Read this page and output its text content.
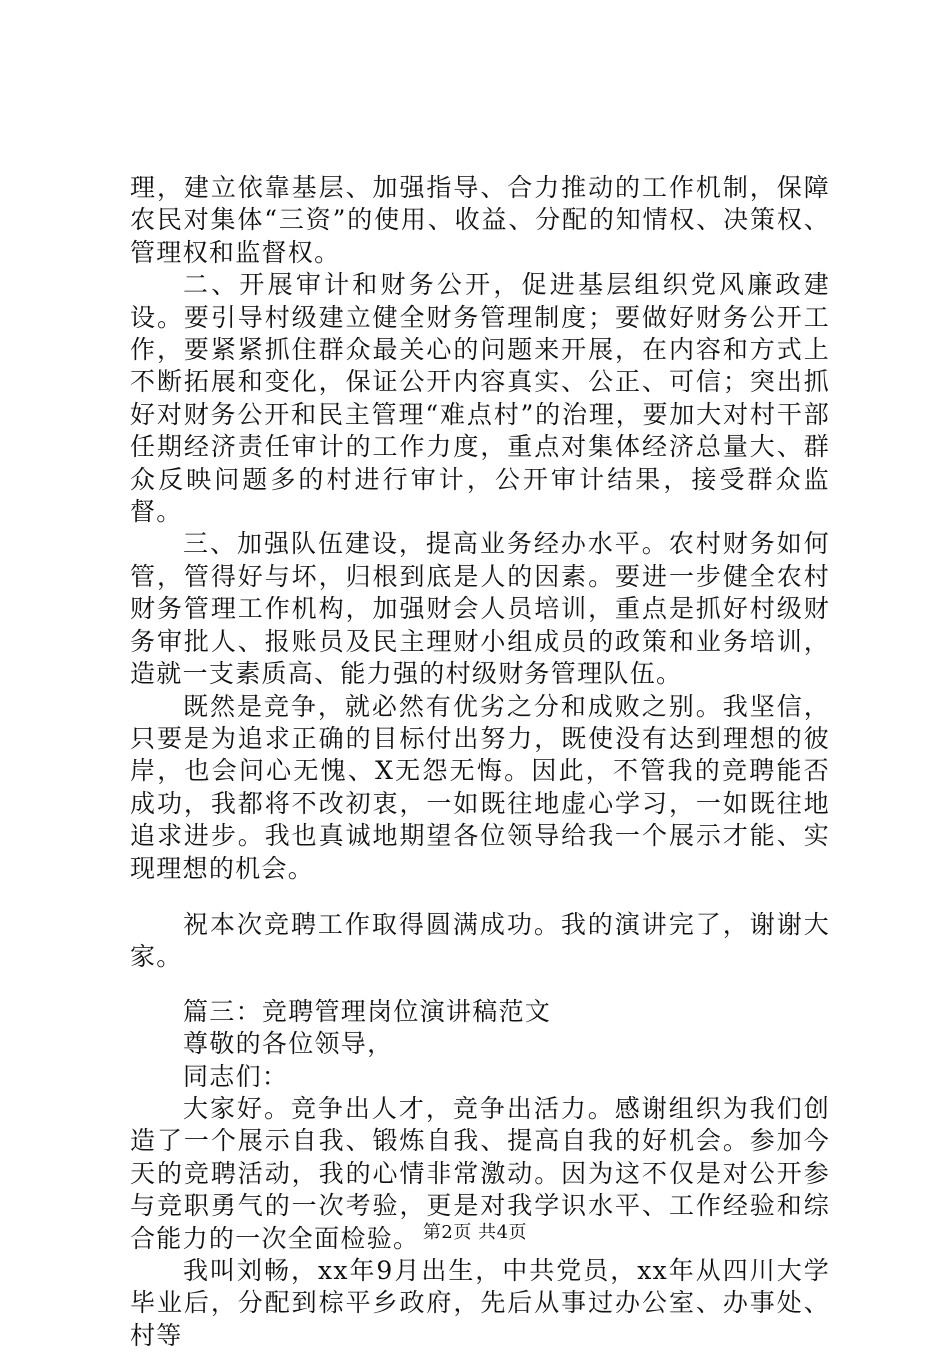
理，建立依靠基层、加强指导、合力推动的工作机制，保障农民对集体“三资”的使用、收益、分配的知情权、决策权、管理权和监督权。

二、开展审计和财务公开，促进基层组织党风廉政建设。要引导村级建立健全财务管理制度；要做好财务公开工作，要紧紧抓住群众最关心的问题来开展，在内容和方式上不断拓展和变化，保证公开内容真实、公正、可信；突出抓好对财务公开和民主管理“难点村”的治理，要加大对村干部任期经济责任审计的工作力度，重点对集体经济总量大、群众反映问题多的村进行审计，公开审计结果，接受群众监督。

三、加强队伍建设，提高业务经办水平。农村财务如何管，管得好与坏，归根到底是人的因素。要进一步健全农村财务管理工作机构，加强财会人员培训，重点是抓好村级财务审批人、报账员及民主理财小组成员的政策和业务培训，造就一支素质高、能力强的村级财务管理队伍。

既然是竞争，就必然有优劣之分和成败之别。我坚信，只要是为追求正确的目标付出努力，既使没有达到理想的彼岸，也会问心无愧、X无怨无悔。因此，不管我的竞聘能否成功，我都将不改初衷，一如既往地虚心学习，一如既往地追求进步。我也真诚地期望各位领导给我一个展示才能、实现理想的机会。

祝本次竞聘工作取得圆满成功。我的演讲完了，谢谢大家。

篇三：竞聘管理岗位演讲稿范文

尊敬的各位领导，

同志们：

大家好。竞争出人才，竞争出活力。感谢组织为我们创造了一个展示自我、锻炼自我、提高自我的好机会。参加今天的竞聘活动，我的心情非常激动。因为这不仅是对公开参与竞职勇气的一次考验，更是对我学识水平、工作经验和综合能力的一次全面检验。

我叫刘畅，xx年9月出生，中共党员，xx年从四川大学毕业后，分配到棕平乡政府，先后从事过办公室、办事处、村等

第2页 共4页
